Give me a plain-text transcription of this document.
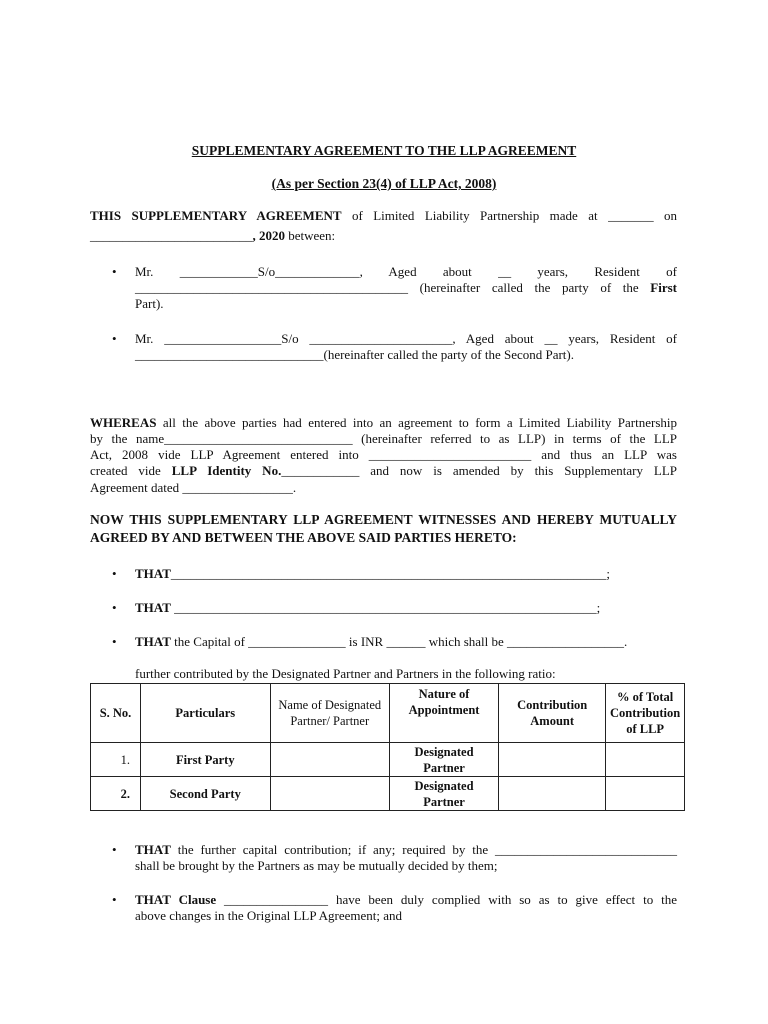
SUPPLEMENTARY AGREEMENT TO THE LLP AGREEMENT
(As per Section 23(4) of LLP Act, 2008)
THIS SUPPLEMENTARY AGREEMENT of Limited Liability Partnership made at _______ on
_________________________, 2020 between:
• Mr. ____________S/o_____________, Aged about __ years, Resident of
__________________________________________ (hereinafter called the party of the First
Part).
• Mr. __________________S/o ______________________, Aged about __ years, Resident of
_____________________________(hereinafter called the party of the Second Part).
WHEREAS all the above parties had entered into an agreement to form a Limited Liability Partnership
by the name_____________________________ (hereinafter referred to as LLP) in terms of the LLP
Act, 2008 vide LLP Agreement entered into _________________________ and thus an LLP was
created vide LLP Identity No.____________ and now is amended by this Supplementary LLP
Agreement dated _________________.
NOW THIS SUPPLEMENTARY LLP AGREEMENT WITNESSES AND HEREBY MUTUALLY
AGREED BY AND BETWEEN THE ABOVE SAID PARTIES HERETO:
• THAT___________________________________________________________________;
• THAT _________________________________________________________________;
• THAT the Capital of _______________ is INR ______ which shall be __________________.
further contributed by the Designated Partner and Partners in the following ratio:
S. No.	Particulars	Name of Designated Partner/ Partner	Nature of Appointment	Contribution Amount	% of Total Contribution of LLP
1.	First Party		Designated Partner		
2.	Second Party		Designated Partner		
• THAT the further capital contribution; if any; required by the ____________________________
shall be brought by the Partners as may be mutually decided by them;
• THAT Clause ________________ have been duly complied with so as to give effect to the
above changes in the Original LLP Agreement; and
